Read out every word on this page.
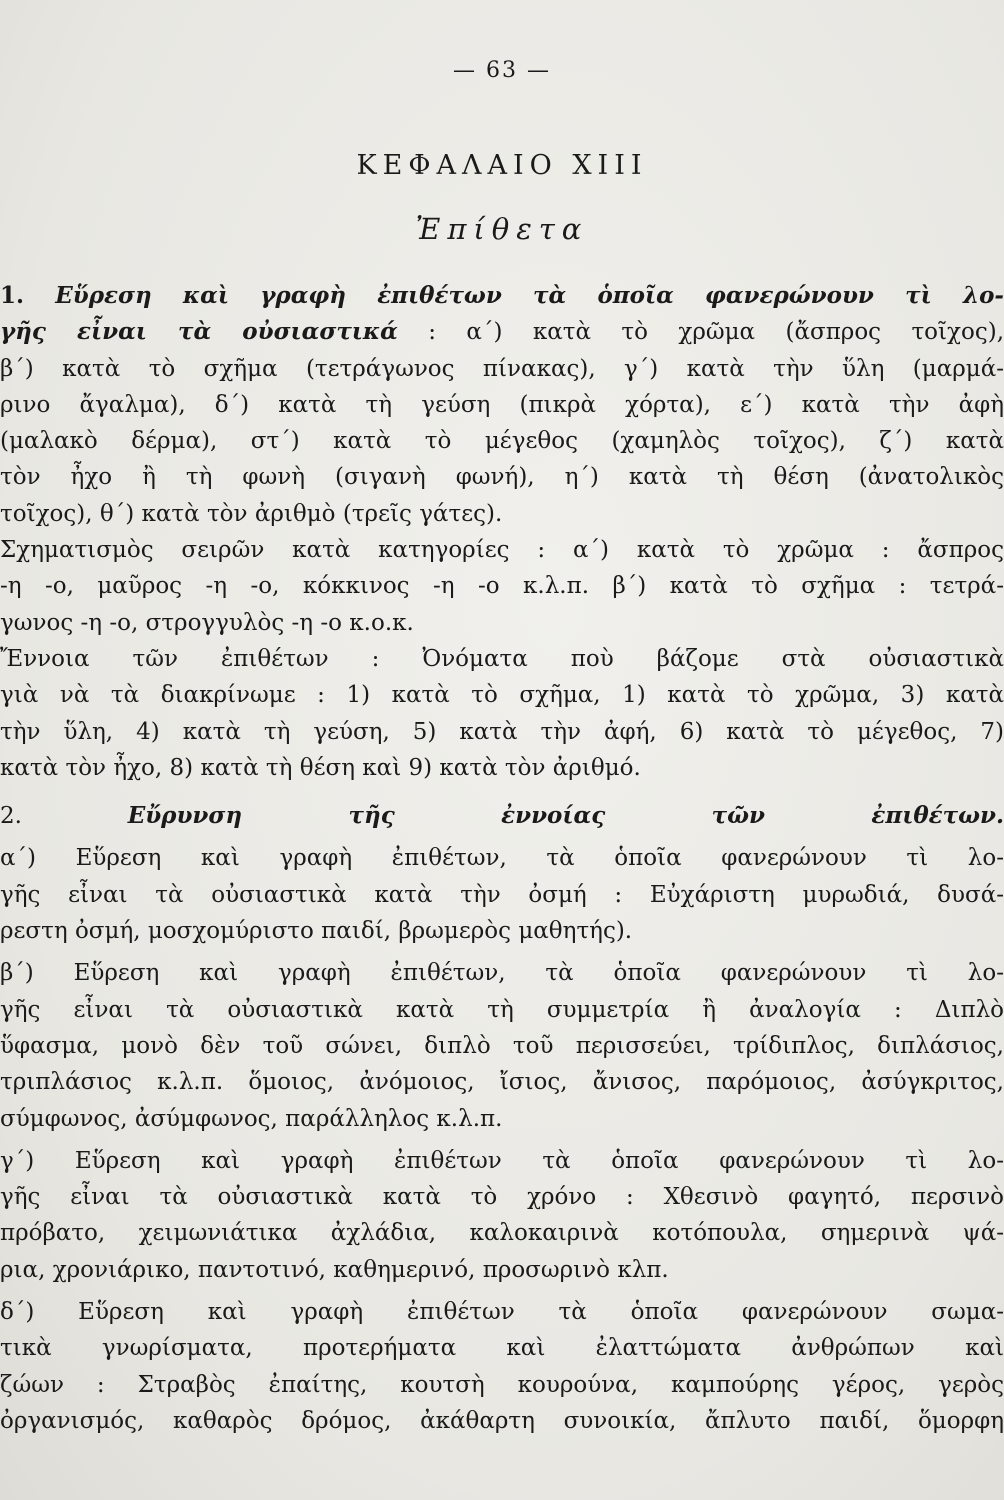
— 63 —
ΚΕΦΑΛΑΙΟ XIII
Ἐπίθετα
1. Εὕρεση καὶ γραφὴ ἐπιθέτων τὰ ὁποῖα φανερώνουν τὶ λο-
γῆς εἶναι τὰ οὐσιαστικά : α΄) κατὰ τὸ χρῶμα (ἄσπρος τοῖχος),
β΄) κατὰ τὸ σχῆμα (τετράγωνος πίνακας), γ΄) κατὰ τὴν ὕλη (μαρμά-
ρινο ἄγαλμα), δ΄) κατὰ τὴ γεύση (πικρὰ χόρτα), ε΄) κατὰ τὴν ἀφὴ
(μαλακὸ δέρμα), στ΄) κατὰ τὸ μέγεθος (χαμηλὸς τοῖχος), ζ΄) κατὰ
τὸν ἦχο ἢ τὴ φωνὴ (σιγανὴ φωνή), η΄) κατὰ τὴ θέση (ἀνατολικὸς
τοῖχος), θ΄) κατὰ τὸν ἀριθμὸ (τρεῖς γάτες).
Σχηματισμὸς σειρῶν κατὰ κατηγορίες : α΄) κατὰ τὸ χρῶμα : ἄσπρος
-η -ο, μαῦρος -η -ο, κόκκινος -η -ο κ.λ.π. β΄) κατὰ τὸ σχῆμα : τετρά-
γωνος -η -ο, στρογγυλὸς -η -ο κ.ο.κ.
Ἔννοια τῶν ἐπιθέτων : Ὀνόματα ποὺ βάζομε στὰ οὐσιαστικὰ
γιὰ νὰ τὰ διακρίνωμε : 1) κατὰ τὸ σχῆμα, 1) κατὰ τὸ χρῶμα, 3) κατὰ
τὴν ὕλη, 4) κατὰ τὴ γεύση, 5) κατὰ τὴν ἀφή, 6) κατὰ τὸ μέγεθος, 7)
κατὰ τὸν ἦχο, 8) κατὰ τὴ θέση καὶ 9) κατὰ τὸν ἀριθμό.
2. Εὔρυνση τῆς ἐννοίας τῶν ἐπιθέτων.
α΄) Εὕρεση καὶ γραφὴ ἐπιθέτων, τὰ ὁποῖα φανερώνουν τὶ λο-
γῆς εἶναι τὰ οὐσιαστικὰ κατὰ τὴν ὀσμή : Εὐχάριστη μυρωδιά, δυσά-
ρεστη ὀσμή, μοσχομύριστο παιδί, βρωμερὸς μαθητής).
β΄) Εὕρεση καὶ γραφὴ ἐπιθέτων, τὰ ὁποῖα φανερώνουν τὶ λο-
γῆς εἶναι τὰ οὐσιαστικὰ κατὰ τὴ συμμετρία ἢ ἀναλογία : Διπλὸ
ὕφασμα, μονὸ δὲν τοῦ σώνει, διπλὸ τοῦ περισσεύει, τρίδιπλος, διπλάσιος,
τριπλάσιος κ.λ.π. ὅμοιος, ἀνόμοιος, ἴσιος, ἄνισος, παρόμοιος, ἀσύγκριτος,
σύμφωνος, ἀσύμφωνος, παράλληλος κ.λ.π.
γ΄) Εὕρεση καὶ γραφὴ ἐπιθέτων τὰ ὁποῖα φανερώνουν τὶ λο-
γῆς εἶναι τὰ οὐσιαστικὰ κατὰ τὸ χρόνο : Χθεσινὸ φαγητό, περσινὸ
πρόβατο, χειμωνιάτικα ἀχλάδια, καλοκαιρινὰ κοτόπουλα, σημερινὰ ψά-
ρια, χρονιάρικο, παντοτινό, καθημερινό, προσωρινὸ κλπ.
δ΄) Εὕρεση καὶ γραφὴ ἐπιθέτων τὰ ὁποῖα φανερώνουν σωμα-
τικὰ γνωρίσματα, προτερήματα καὶ ἐλαττώματα ἀνθρώπων καὶ
ζώων : Στραβὸς ἐπαίτης, κουτσὴ κουρούνα, καμπούρης γέρος, γερὸς
ὀργανισμός, καθαρὸς δρόμος, ἀκάθαρτη συνοικία, ἄπλυτο παιδί, ὅμορφη
